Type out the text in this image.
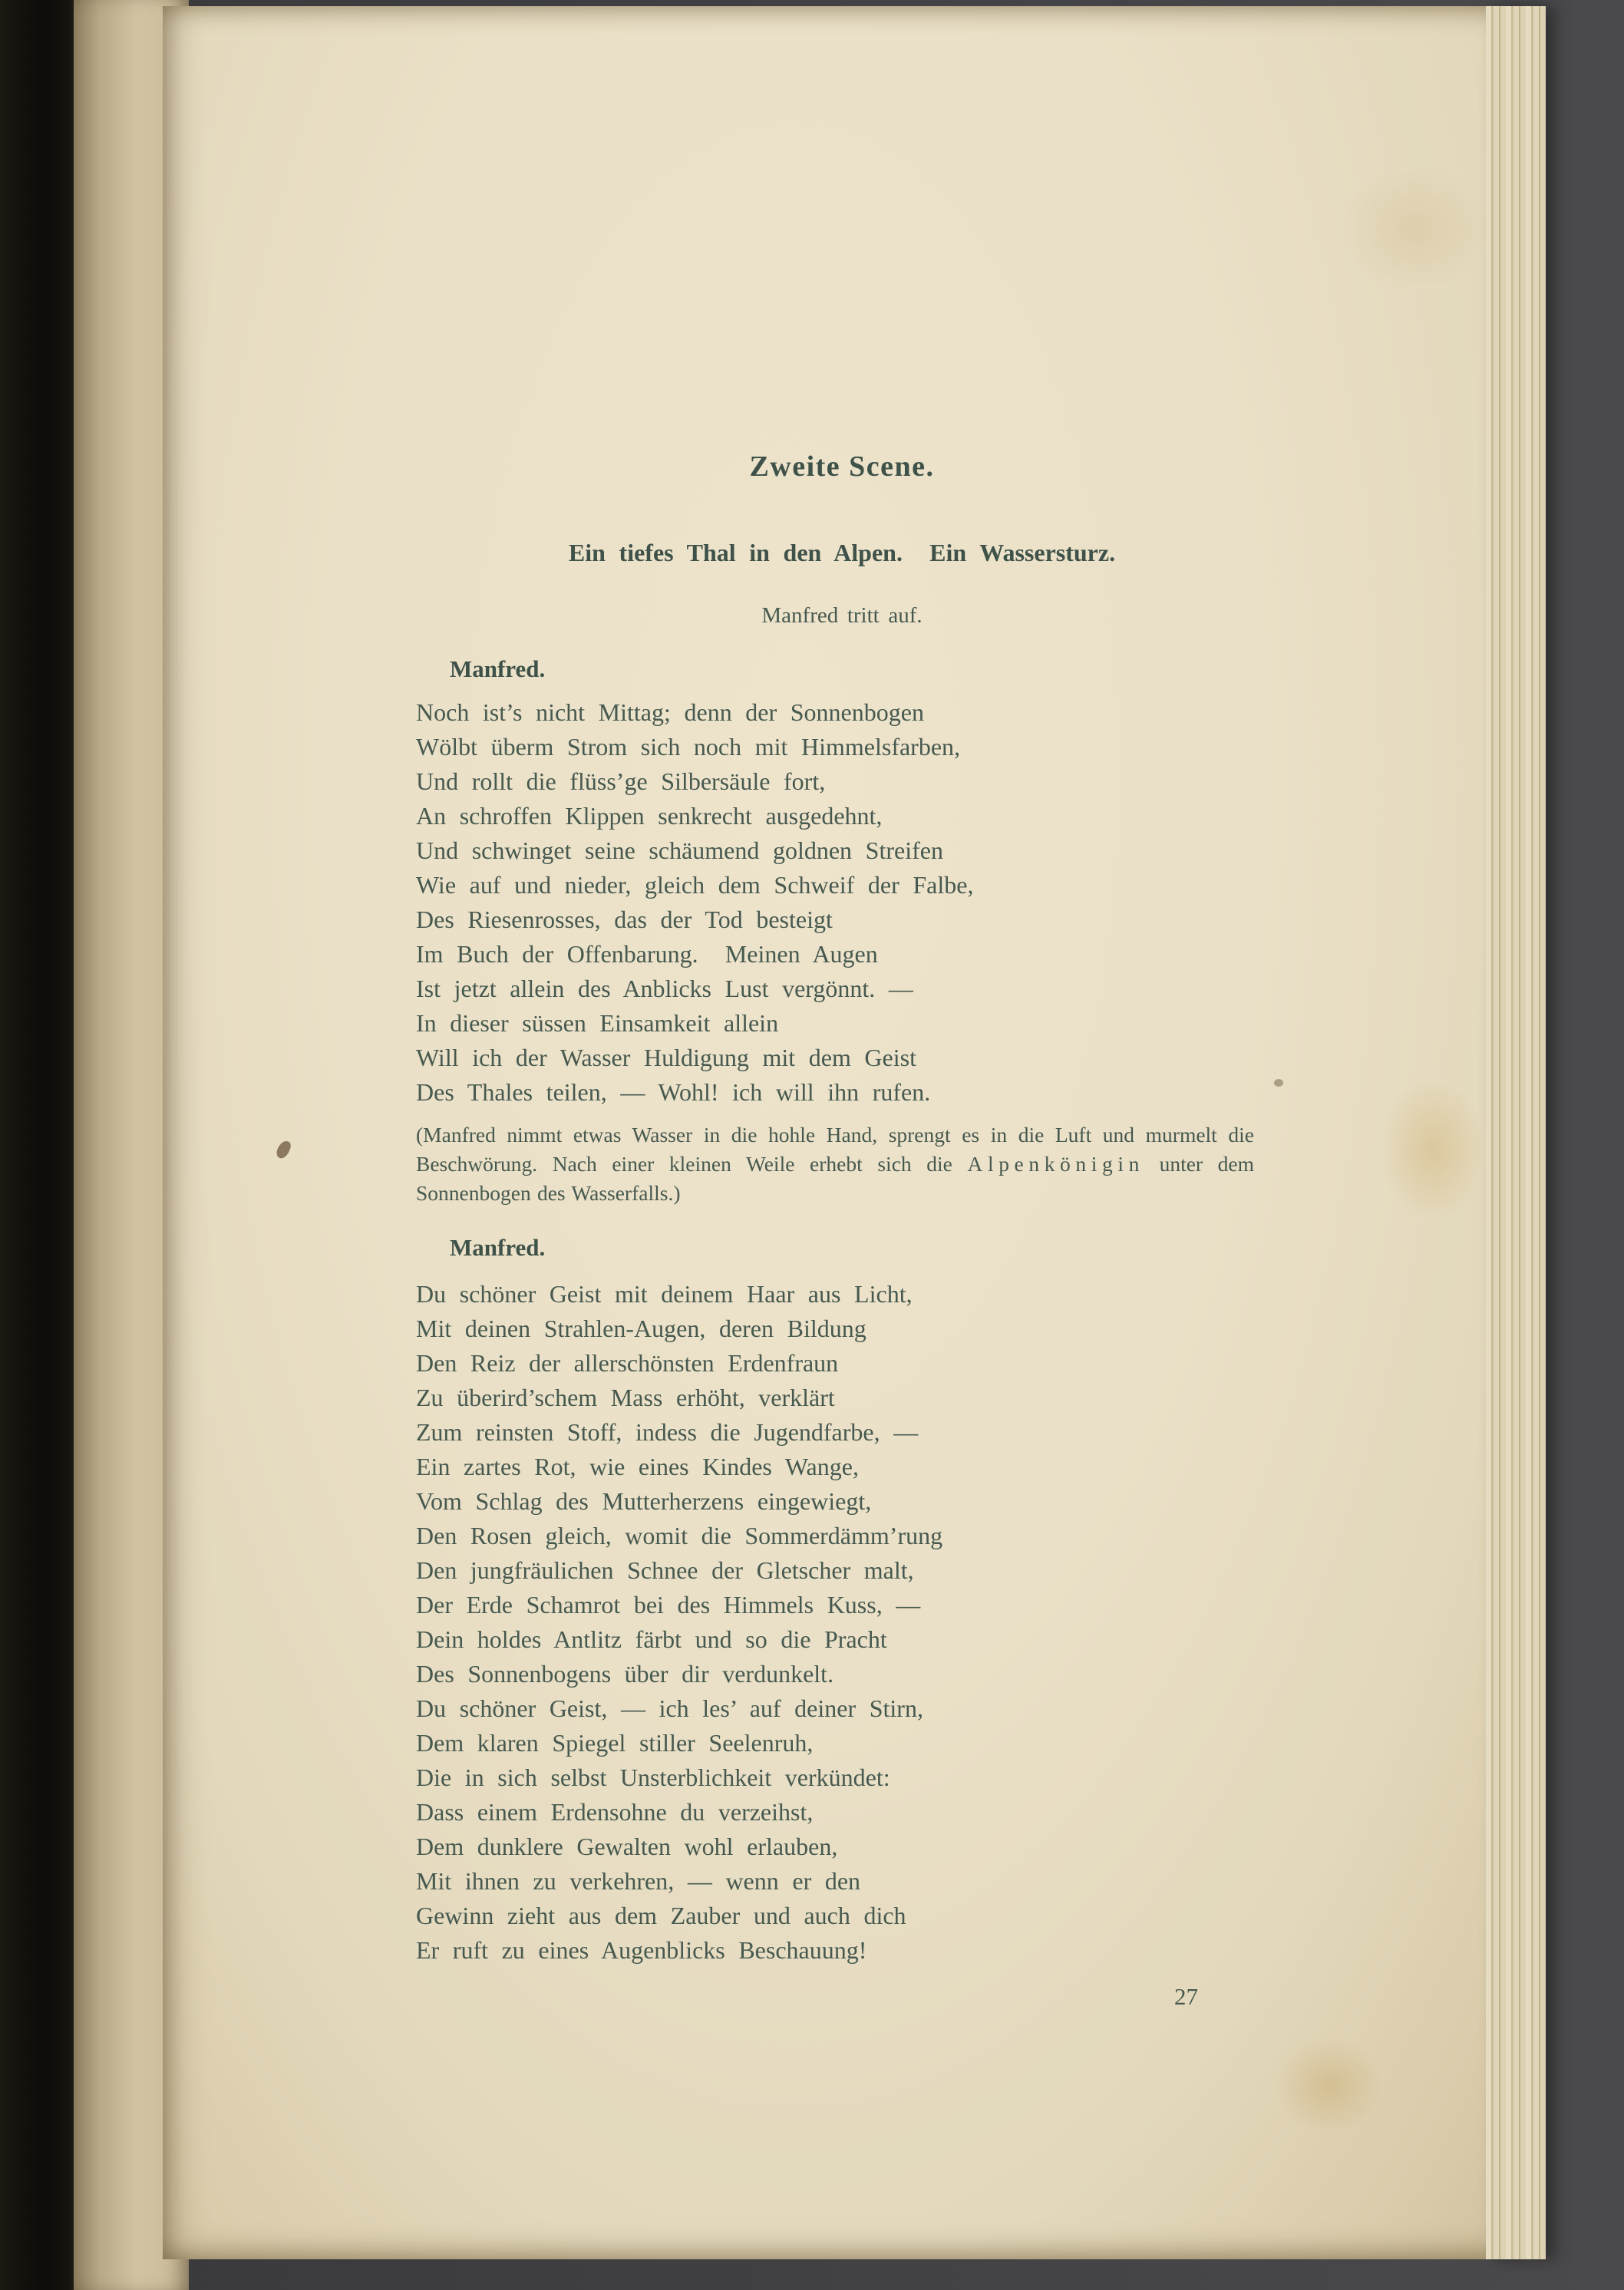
Zweite Scene.
Ein tiefes Thal in den Alpen.  Ein Wassersturz.
Manfred tritt auf.
Manfred.
Noch ist’s nicht Mittag; denn der Sonnenbogen
Wölbt überm Strom sich noch mit Himmelsfarben,
Und rollt die flüss’ge Silbersäule fort,
An schroffen Klippen senkrecht ausgedehnt,
Und schwinget seine schäumend goldnen Streifen
Wie auf und nieder, gleich dem Schweif der Falbe,
Des Riesenrosses, das der Tod besteigt
Im Buch der Offenbarung.  Meinen Augen
Ist jetzt allein des Anblicks Lust vergönnt. —
In dieser süssen Einsamkeit allein
Will ich der Wasser Huldigung mit dem Geist
Des Thales teilen, — Wohl! ich will ihn rufen.

(Manfred nimmt etwas Wasser in die hohle Hand, sprengt es in die Luft und murmelt die Beschwörung. Nach einer kleinen Weile erhebt sich die Alpenkönigin unter dem Sonnenbogen des Wasserfalls.)

Manfred.
Du schöner Geist mit deinem Haar aus Licht,
Mit deinen Strahlen-Augen, deren Bildung
Den Reiz der allerschönsten Erdenfraun
Zu überird’schem Mass erhöht, verklärt
Zum reinsten Stoff, indess die Jugendfarbe, —
Ein zartes Rot, wie eines Kindes Wange,
Vom Schlag des Mutterherzens eingewiegt,
Den Rosen gleich, womit die Sommerdämm’rung
Den jungfräulichen Schnee der Gletscher malt,
Der Erde Schamrot bei des Himmels Kuss, —
Dein holdes Antlitz färbt und so die Pracht
Des Sonnenbogens über dir verdunkelt.
Du schöner Geist, — ich les’ auf deiner Stirn,
Dem klaren Spiegel stiller Seelenruh,
Die in sich selbst Unsterblichkeit verkündet:
Dass einem Erdensohne du verzeihst,
Dem dunklere Gewalten wohl erlauben,
Mit ihnen zu verkehren, — wenn er den
Gewinn zieht aus dem Zauber und auch dich
Er ruft zu eines Augenblicks Beschauung!
27
